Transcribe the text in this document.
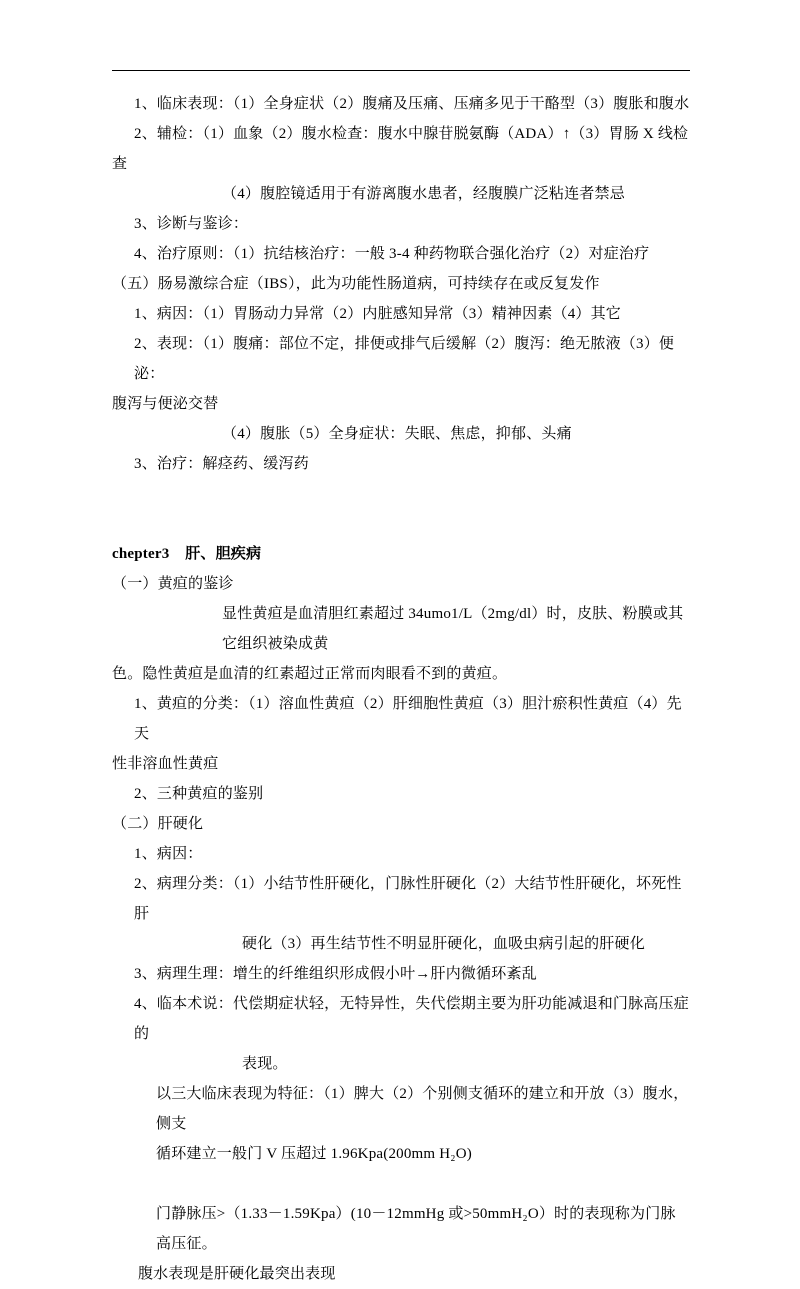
1、临床表现：（1）全身症状（2）腹痛及压痛、压痛多见于干酪型（3）腹胀和腹水
2、辅检：（1）血象（2）腹水检查：腹水中腺苷脱氨酶（ADA）↑（3）胃肠 X 线检
查
（4）腹腔镜适用于有游离腹水患者，经腹膜广泛粘连者禁忌
3、诊断与鉴诊：
4、治疗原则：（1）抗结核治疗：一般 3-4 种药物联合强化治疗（2）对症治疗
（五）肠易激综合症（IBS），此为功能性肠道病，可持续存在或反复发作
1、病因：（1）胃肠动力异常（2）内脏感知异常（3）精神因素（4）其它
2、表现：（1）腹痛：部位不定，排便或排气后缓解（2）腹泻：绝无脓液（3）便泌：
腹泻与便泌交替
（4）腹胀（5）全身症状：失眠、焦虑，抑郁、头痛
3、治疗：解痉药、缓泻药
chepter3    肝、胆疾病
（一）黄疸的鉴诊
显性黄疸是血清胆红素超过 34umo1/L（2mg/dl）时，皮肤、粉膜或其它组织被染成黄
色。隐性黄疸是血清的红素超过正常而肉眼看不到的黄疸。
1、黄疸的分类：（1）溶血性黄疸（2）肝细胞性黄疸（3）胆汁瘀积性黄疸（4）先天
性非溶血性黄疸
2、三种黄疸的鉴别
（二）肝硬化
1、病因：
2、病理分类：（1）小结节性肝硬化，门脉性肝硬化（2）大结节性肝硬化，坏死性肝
硬化（3）再生结节性不明显肝硬化，血吸虫病引起的肝硬化
3、病理生理：增生的纤维组织形成假小叶→肝内微循环紊乱
4、临本术说：代偿期症状轻，无特异性，失代偿期主要为肝功能减退和门脉高压症的
表现。
以三大临床表现为特征：（1）脾大（2）个别侧支循环的建立和开放（3）腹水，侧支
循环建立一般门 V 压超过 1.96Kpa(200mm H₂O)
门静脉压>（1.33－1.59Kpa）(10－12mmHg 或>50mmH₂O）时的表现称为门脉高压征。
腹水表现是肝硬化最突出表现
